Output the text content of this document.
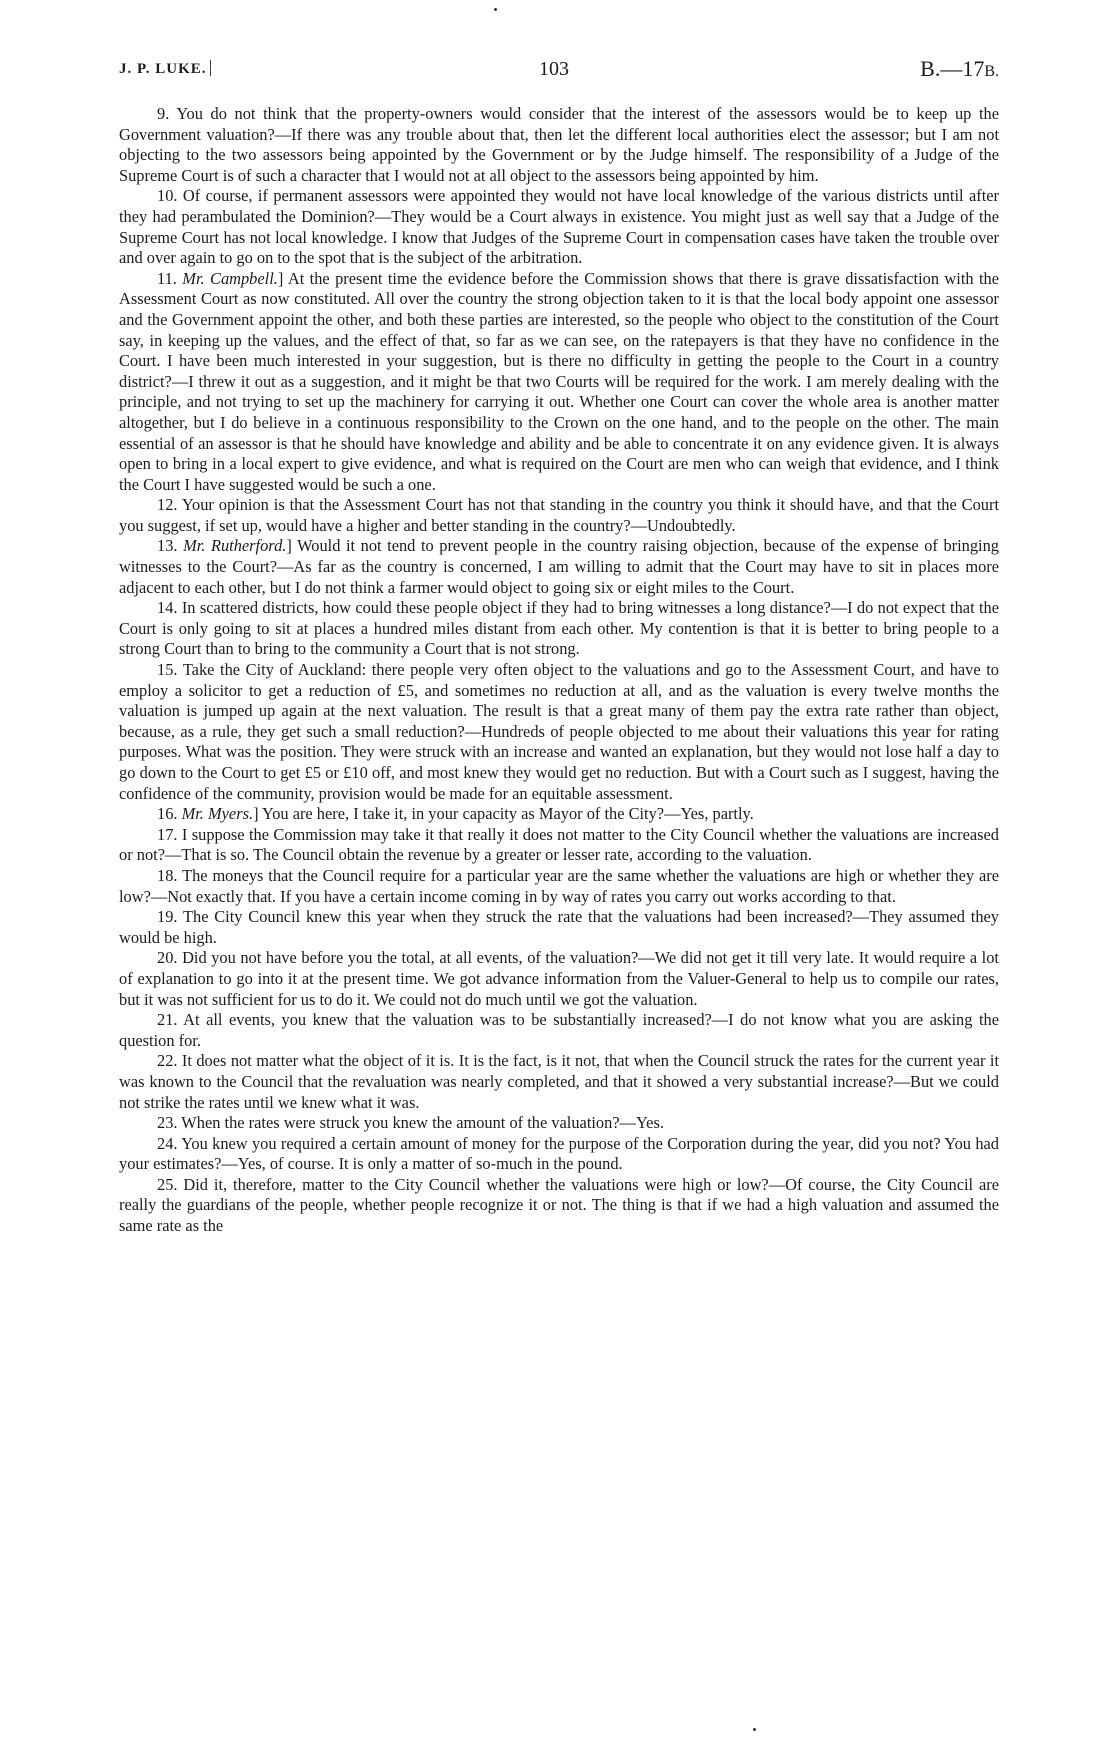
J. P. LUKE.	103	B.—17B.

9. You do not think that the property-owners would consider that the interest of the assessors would be to keep up the Government valuation?—If there was any trouble about that, then let the different local authorities elect the assessor; but I am not objecting to the two assessors being appointed by the Government or by the Judge himself. The responsibility of a Judge of the Supreme Court is of such a character that I would not at all object to the assessors being appointed by him.

10. Of course, if permanent assessors were appointed they would not have local knowledge of the various districts until after they had perambulated the Dominion?—They would be a Court always in existence. You might just as well say that a Judge of the Supreme Court has not local knowledge. I know that Judges of the Supreme Court in compensation cases have taken the trouble over and over again to go on to the spot that is the subject of the arbitration.

11. Mr. Campbell.] At the present time the evidence before the Commission shows that there is grave dissatisfaction with the Assessment Court as now constituted. All over the country the strong objection taken to it is that the local body appoint one assessor and the Government appoint the other, and both these parties are interested, so the people who object to the constitution of the Court say, in keeping up the values, and the effect of that, so far as we can see, on the ratepayers is that they have no confidence in the Court. I have been much interested in your suggestion, but is there no difficulty in getting the people to the Court in a country district?—I threw it out as a suggestion, and it might be that two Courts will be required for the work. I am merely dealing with the principle, and not trying to set up the machinery for carrying it out. Whether one Court can cover the whole area is another matter altogether, but I do believe in a continuous responsibility to the Crown on the one hand, and to the people on the other. The main essential of an assessor is that he should have knowledge and ability and be able to concentrate it on any evidence given. It is always open to bring in a local expert to give evidence, and what is required on the Court are men who can weigh that evidence, and I think the Court I have suggested would be such a one.

12. Your opinion is that the Assessment Court has not that standing in the country you think it should have, and that the Court you suggest, if set up, would have a higher and better standing in the country?—Undoubtedly.

13. Mr. Rutherford.] Would it not tend to prevent people in the country raising objection, because of the expense of bringing witnesses to the Court?—As far as the country is concerned, I am willing to admit that the Court may have to sit in places more adjacent to each other, but I do not think a farmer would object to going six or eight miles to the Court.

14. In scattered districts, how could these people object if they had to bring witnesses a long distance?—I do not expect that the Court is only going to sit at places a hundred miles distant from each other. My contention is that it is better to bring people to a strong Court than to bring to the community a Court that is not strong.

15. Take the City of Auckland: there people very often object to the valuations and go to the Assessment Court, and have to employ a solicitor to get a reduction of £5, and sometimes no reduction at all, and as the valuation is every twelve months the valuation is jumped up again at the next valuation. The result is that a great many of them pay the extra rate rather than object, because, as a rule, they get such a small reduction?—Hundreds of people objected to me about their valuations this year for rating purposes. What was the position. They were struck with an increase and wanted an explanation, but they would not lose half a day to go down to the Court to get £5 or £10 off, and most knew they would get no reduction. But with a Court such as I suggest, having the confidence of the community, provision would be made for an equitable assessment.

16. Mr. Myers.] You are here, I take it, in your capacity as Mayor of the City?—Yes, partly.

17. I suppose the Commission may take it that really it does not matter to the City Council whether the valuations are increased or not?—That is so. The Council obtain the revenue by a greater or lesser rate, according to the valuation.

18. The moneys that the Council require for a particular year are the same whether the valuations are high or whether they are low?—Not exactly that. If you have a certain income coming in by way of rates you carry out works according to that.

19. The City Council knew this year when they struck the rate that the valuations had been increased?—They assumed they would be high.

20. Did you not have before you the total, at all events, of the valuation?—We did not get it till very late. It would require a lot of explanation to go into it at the present time. We got advance information from the Valuer-General to help us to compile our rates, but it was not sufficient for us to do it. We could not do much until we got the valuation.

21. At all events, you knew that the valuation was to be substantially increased?—I do not know what you are asking the question for.

22. It does not matter what the object of it is. It is the fact, is it not, that when the Council struck the rates for the current year it was known to the Council that the revaluation was nearly completed, and that it showed a very substantial increase?—But we could not strike the rates until we knew what it was.

23. When the rates were struck you knew the amount of the valuation?—Yes.

24. You knew you required a certain amount of money for the purpose of the Corporation during the year, did you not? You had your estimates?—Yes, of course. It is only a matter of so-much in the pound.

25. Did it, therefore, matter to the City Council whether the valuations were high or low?—Of course, the City Council are really the guardians of the people, whether people recognize it or not. The thing is that if we had a high valuation and assumed the same rate as the
